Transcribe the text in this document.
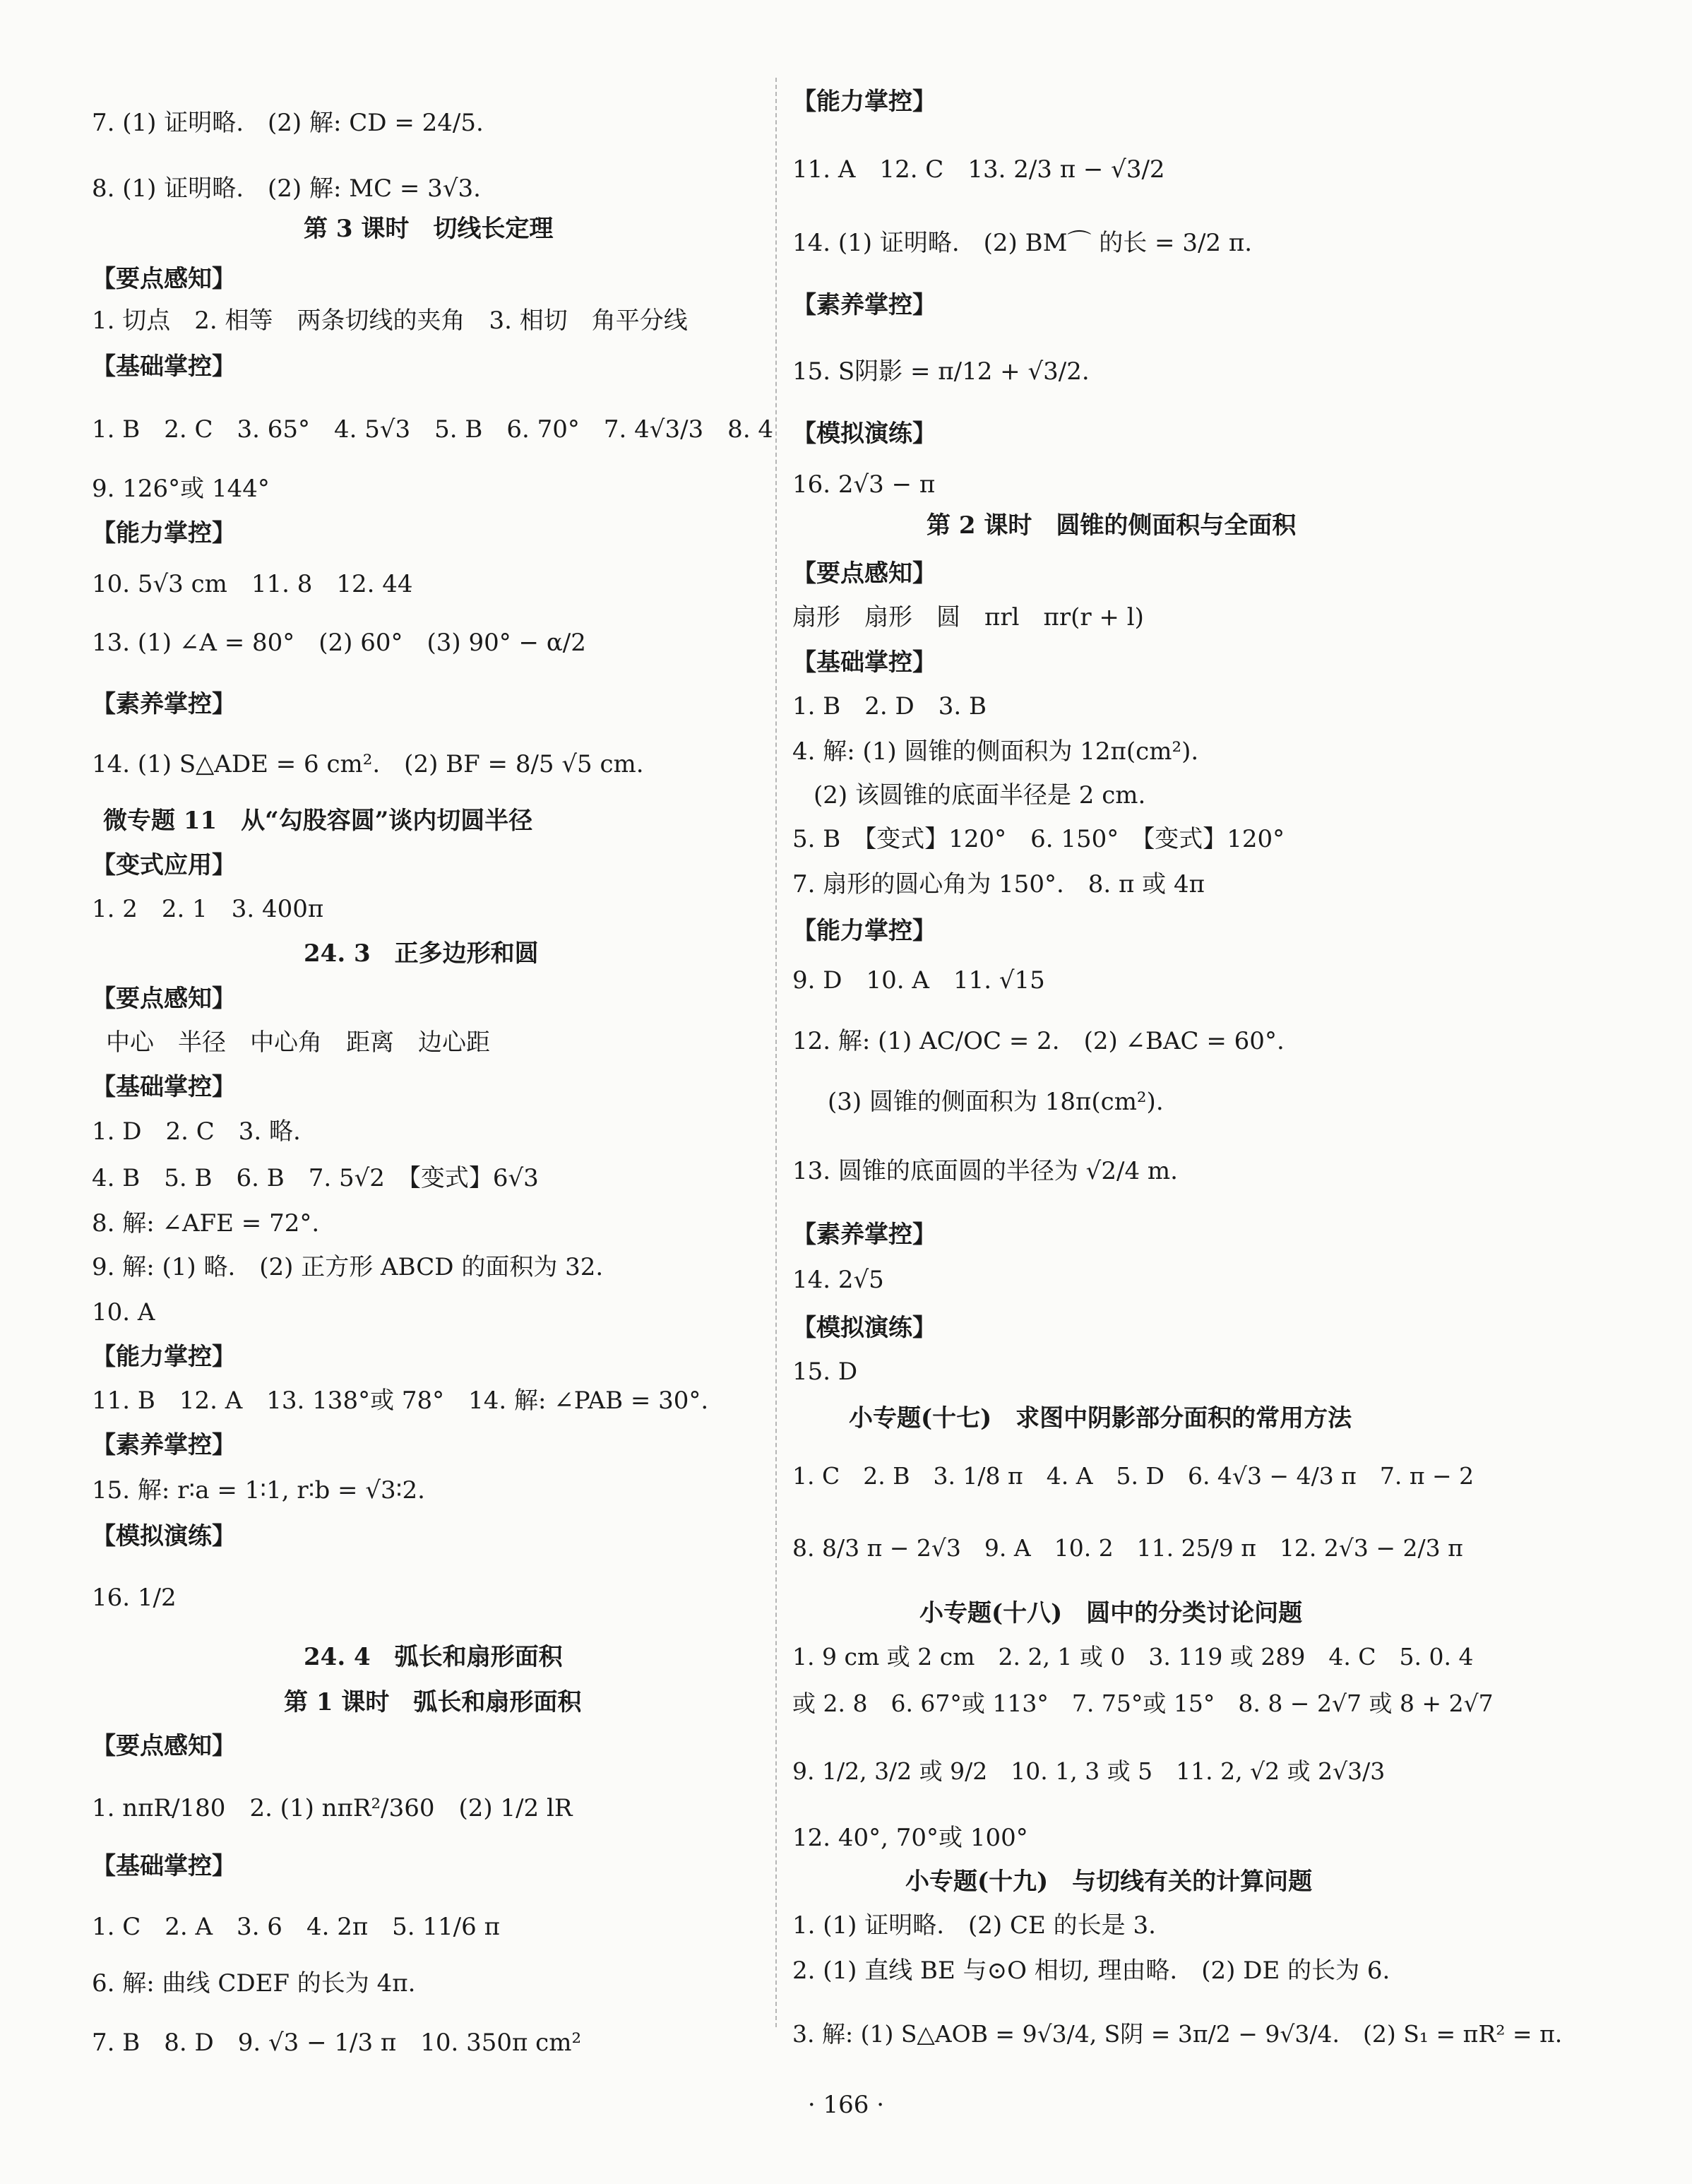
7. (1) 证明略.　(2) 解: CD = 24/5.
8. (1) 证明略.　(2) 解: MC = 3√3.
第 3 课时　切线长定理
【要点感知】
1. 切点　2. 相等　两条切线的夹角　3. 相切　角平分线
【基础掌控】
1. B　2. C　3. 65°　4. 5√3　5. B　6. 70°　7. 4√3/3　8. 4
9. 126°或 144°
【能力掌控】
10. 5√3 cm　11. 8　12. 44
13. (1) ∠A = 80°　(2) 60°　(3) 90° − α/2
【素养掌控】
14. (1) S△ADE = 6 cm².　(2) BF = 8/5 √5 cm.
微专题 11　从“勾股容圆”谈内切圆半径
【变式应用】
1. 2　2. 1　3. 400π
24. 3　正多边形和圆
【要点感知】
中心　半径　中心角　距离　边心距
【基础掌控】
1. D　2. C　3. 略.
4. B　5. B　6. B　7. 5√2　【变式】6√3
8. 解: ∠AFE = 72°.
9. 解: (1) 略.　(2) 正方形 ABCD 的面积为 32.
10. A
【能力掌控】
11. B　12. A　13. 138°或 78°　14. 解: ∠PAB = 30°.
【素养掌控】
15. 解: r∶a = 1∶1, r∶b = √3∶2.
【模拟演练】
16. 1/2
24. 4　弧长和扇形面积
第 1 课时　弧长和扇形面积
【要点感知】
1. nπR/180　2. (1) nπR²/360　(2) 1/2 lR
【基础掌控】
1. C　2. A　3. 6　4. 2π　5. 11/6 π
6. 解: 曲线 CDEF 的长为 4π.
7. B　8. D　9. √3 − 1/3 π　10. 350π cm²
【能力掌控】
11. A　12. C　13. 2/3 π − √3/2
14. (1) 证明略.　(2) BM⌒ 的长 = 3/2 π.
【素养掌控】
15. S阴影 = π/12 + √3/2.
【模拟演练】
16. 2√3 − π
第 2 课时　圆锥的侧面积与全面积
【要点感知】
扇形　扇形　圆　πrl　πr(r + l)
【基础掌控】
1. B　2. D　3. B
4. 解: (1) 圆锥的侧面积为 12π(cm²).
(2) 该圆锥的底面半径是 2 cm.
5. B　【变式】120°　6. 150°　【变式】120°
7. 扇形的圆心角为 150°.　8. π 或 4π
【能力掌控】
9. D　10. A　11. √15
12. 解: (1) AC/OC = 2.　(2) ∠BAC = 60°.
(3) 圆锥的侧面积为 18π(cm²).
13. 圆锥的底面圆的半径为 √2/4 m.
【素养掌控】
14. 2√5
【模拟演练】
15. D
小专题(十七)　求图中阴影部分面积的常用方法
1. C　2. B　3. 1/8 π　4. A　5. D　6. 4√3 − 4/3 π　7. π − 2
8. 8/3 π − 2√3　9. A　10. 2　11. 25/9 π　12. 2√3 − 2/3 π
小专题(十八)　圆中的分类讨论问题
1. 9 cm 或 2 cm　2. 2, 1 或 0　3. 119 或 289　4. C　5. 0. 4
或 2. 8　6. 67°或 113°　7. 75°或 15°　8. 8 − 2√7 或 8 + 2√7
9. 1/2, 3/2 或 9/2　10. 1, 3 或 5　11. 2, √2 或 2√3/3
12. 40°, 70°或 100°
小专题(十九)　与切线有关的计算问题
1. (1) 证明略.　(2) CE 的长是 3.
2. (1) 直线 BE 与⊙O 相切, 理由略.　(2) DE 的长为 6.
3. 解: (1) S△AOB = 9√3/4, S阴 = 3π/2 − 9√3/4.　(2) S₁ = πR² = π.
· 166 ·
